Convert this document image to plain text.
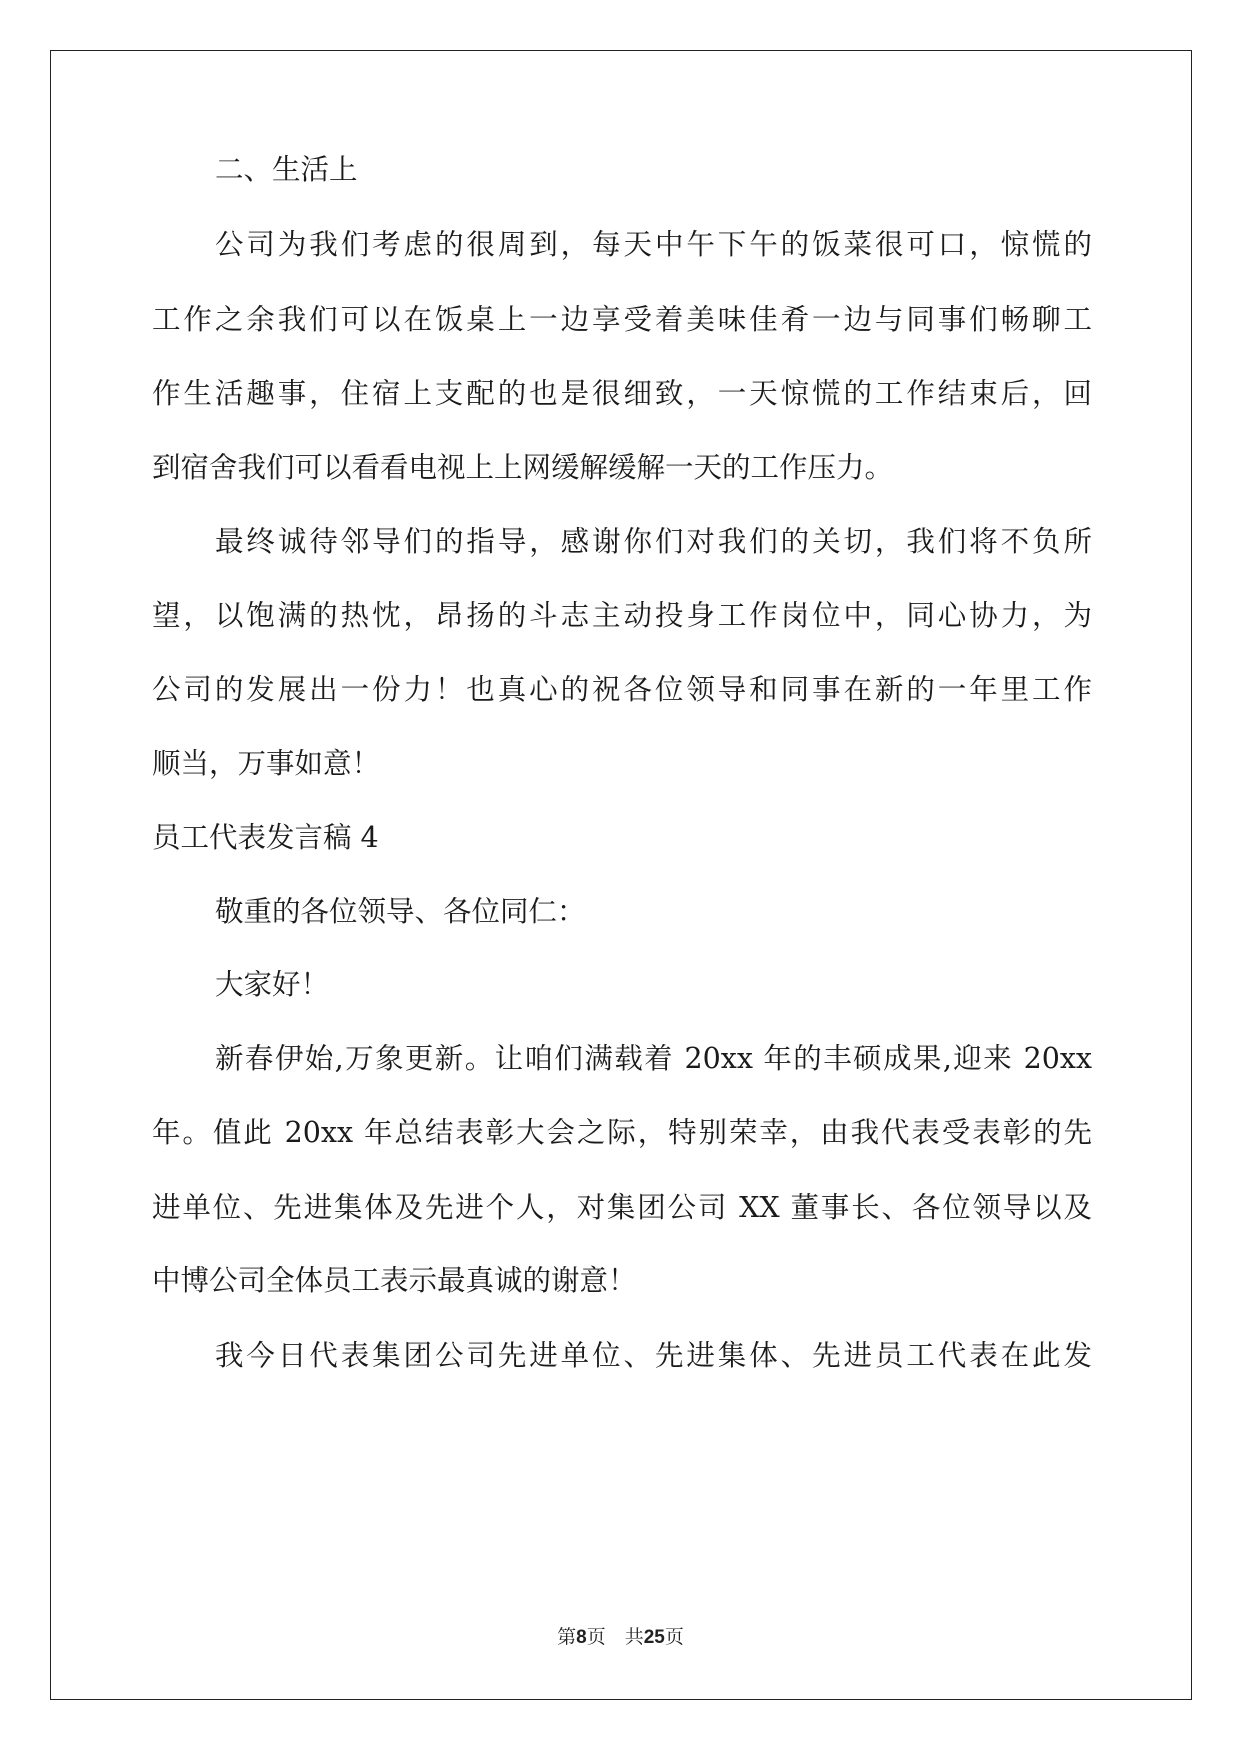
二、生活上
公司为我们考虑的很周到，每天中午下午的饭菜很可口，惊慌的
工作之余我们可以在饭桌上一边享受着美味佳肴一边与同事们畅聊工
作生活趣事，住宿上支配的也是很细致，一天惊慌的工作结束后，回
到宿舍我们可以看看电视上上网缓解缓解一天的工作压力。
最终诚待邻导们的指导，感谢你们对我们的关切，我们将不负所
望，以饱满的热忱，昂扬的斗志主动投身工作岗位中，同心协力，为
公司的发展出一份力！也真心的祝各位领导和同事在新的一年里工作
顺当，万事如意！
员工代表发言稿 4
敬重的各位领导、各位同仁：
大家好！
新春伊始,万象更新。让咱们满载着 20xx 年的丰硕成果,迎来 20xx
年。值此 20xx 年总结表彰大会之际，特别荣幸，由我代表受表彰的先
进单位、先进集体及先进个人，对集团公司 XX 董事长、各位领导以及
中博公司全体员工表示最真诚的谢意！
我今日代表集团公司先进单位、先进集体、先进员工代表在此发
第8页　共25页
